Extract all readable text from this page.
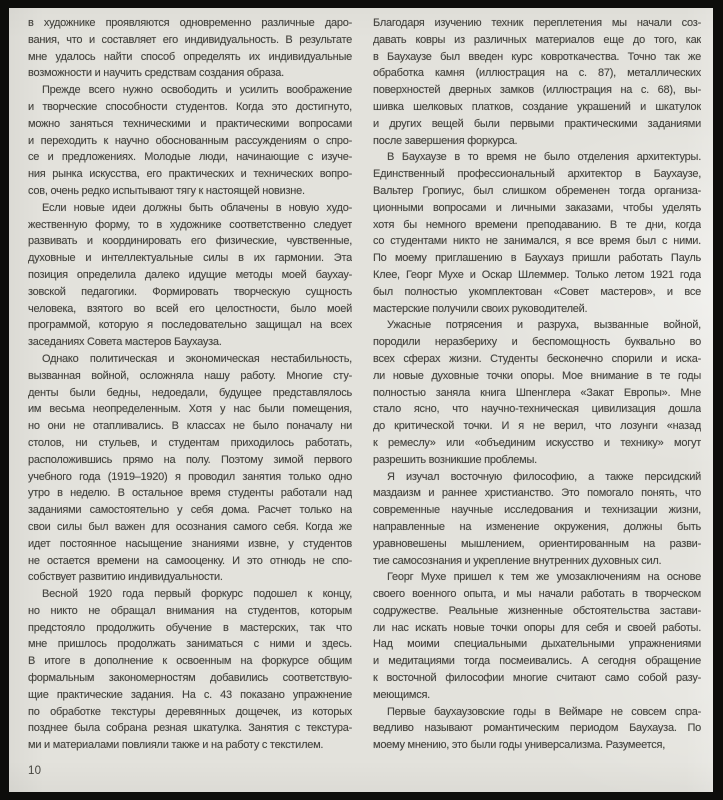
в художнике проявляются одновременно различные даро-
вания, что и составляет его индивидуальность. В результате
мне удалось найти способ определять их индивидуальные
возможности и научить средствам создания образа.
Прежде всего нужно освободить и усилить воображение
и творческие способности студентов. Когда это достигнуто,
можно заняться техническими и практическими вопросами
и переходить к научно обоснованным рассуждениям о спро-
се и предложениях. Молодые люди, начинающие с изуче-
ния рынка искусства, его практических и технических вопро-
сов, очень редко испытывают тягу к настоящей новизне.
Если новые идеи должны быть облачены в новую худо-
жественную форму, то в художнике соответственно следует
развивать и координировать его физические, чувственные,
духовные и интеллектуальные силы в их гармонии. Эта
позиция определила далеко идущие методы моей баухау-
зовской педагогики. Формировать творческую сущность
человека, взятого во всей его целостности, было моей
программой, которую я последовательно защищал на всех
заседаниях Совета мастеров Баухауза.
Однако политическая и экономическая нестабильность,
вызванная войной, осложняла нашу работу. Многие сту-
денты были бедны, недоедали, будущее представлялось
им весьма неопределенным. Хотя у нас были помещения,
но они не отапливались. В классах не было поначалу ни
столов, ни стульев, и студентам приходилось работать,
расположившись прямо на полу. Поэтому зимой первого
учебного года (1919–1920) я проводил занятия только одно
утро в неделю. В остальное время студенты работали над
заданиями самостоятельно у себя дома. Расчет только на
свои силы был важен для осознания самого себя. Когда же
идет постоянное насыщение знаниями извне, у студентов
не остается времени на самооценку. И это отнюдь не спо-
собствует развитию индивидуальности.
Весной 1920 года первый форкурс подошел к концу,
но никто не обращал внимания на студентов, которым
предстояло продолжить обучение в мастерских, так что
мне пришлось продолжать заниматься с ними и здесь.
В итоге в дополнение к освоенным на форкурсе общим
формальным закономерностям добавились соответствую-
щие практические задания. На с. 43 показано упражнение
по обработке текстуры деревянных дощечек, из которых
позднее была собрана резная шкатулка. Занятия с текстура-
ми и материалами повлияли также и на работу с текстилем.
Благодаря изучению техник переплетения мы начали соз-
давать ковры из различных материалов еще до того, как
в Баухаузе был введен курс ковроткачества. Точно так же
обработка камня (иллюстрация на с. 87), металлических
поверхностей дверных замков (иллюстрация на с. 68), вы-
шивка шелковых платков, создание украшений и шкатулок
и других вещей были первыми практическими заданиями
после завершения форкурса.
В Баухаузе в то время не было отделения архитектуры.
Единственный профессиональный архитектор в Баухаузе,
Вальтер Гропиус, был слишком обременен тогда организа-
ционными вопросами и личными заказами, чтобы уделять
хотя бы немного времени преподаванию. В те дни, когда
со студентами никто не занимался, я все время был с ними.
По моему приглашению в Баухауз пришли работать Пауль
Клее, Георг Мухе и Оскар Шлеммер. Только летом 1921 года
был полностью укомплектован «Совет мастеров», и все
мастерские получили своих руководителей.
Ужасные потрясения и разруха, вызванные войной,
породили неразбериху и беспомощность буквально во
всех сферах жизни. Студенты бесконечно спорили и иска-
ли новые духовные точки опоры. Мое внимание в те годы
полностью заняла книга Шпенглера «Закат Европы». Мне
стало ясно, что научно-техническая цивилизация дошла
до критической точки. И я не верил, что лозунги «назад
к ремеслу» или «объединим искусство и технику» могут
разрешить возникшие проблемы.
Я изучал восточную философию, а также персидский
маздаизм и раннее христианство. Это помогало понять, что
современные научные исследования и технизации жизни,
направленные на изменение окружения, должны быть
уравновешены мышлением, ориентированным на разви-
тие самосознания и укрепление внутренних духовных сил.
Георг Мухе пришел к тем же умозаключениям на основе
своего военного опыта, и мы начали работать в творческом
содружестве. Реальные жизненные обстоятельства застави-
ли нас искать новые точки опоры для себя и своей работы.
Над моими специальными дыхательными упражнениями
и медитациями тогда посмеивались. А сегодня обращение
к восточной философии многие считают само собой разу-
меющимся.
Первые баухаузовские годы в Веймаре не совсем спра-
ведливо называют романтическим периодом Баухауза. По
моему мнению, это были годы универсализма. Разумеется,
10
